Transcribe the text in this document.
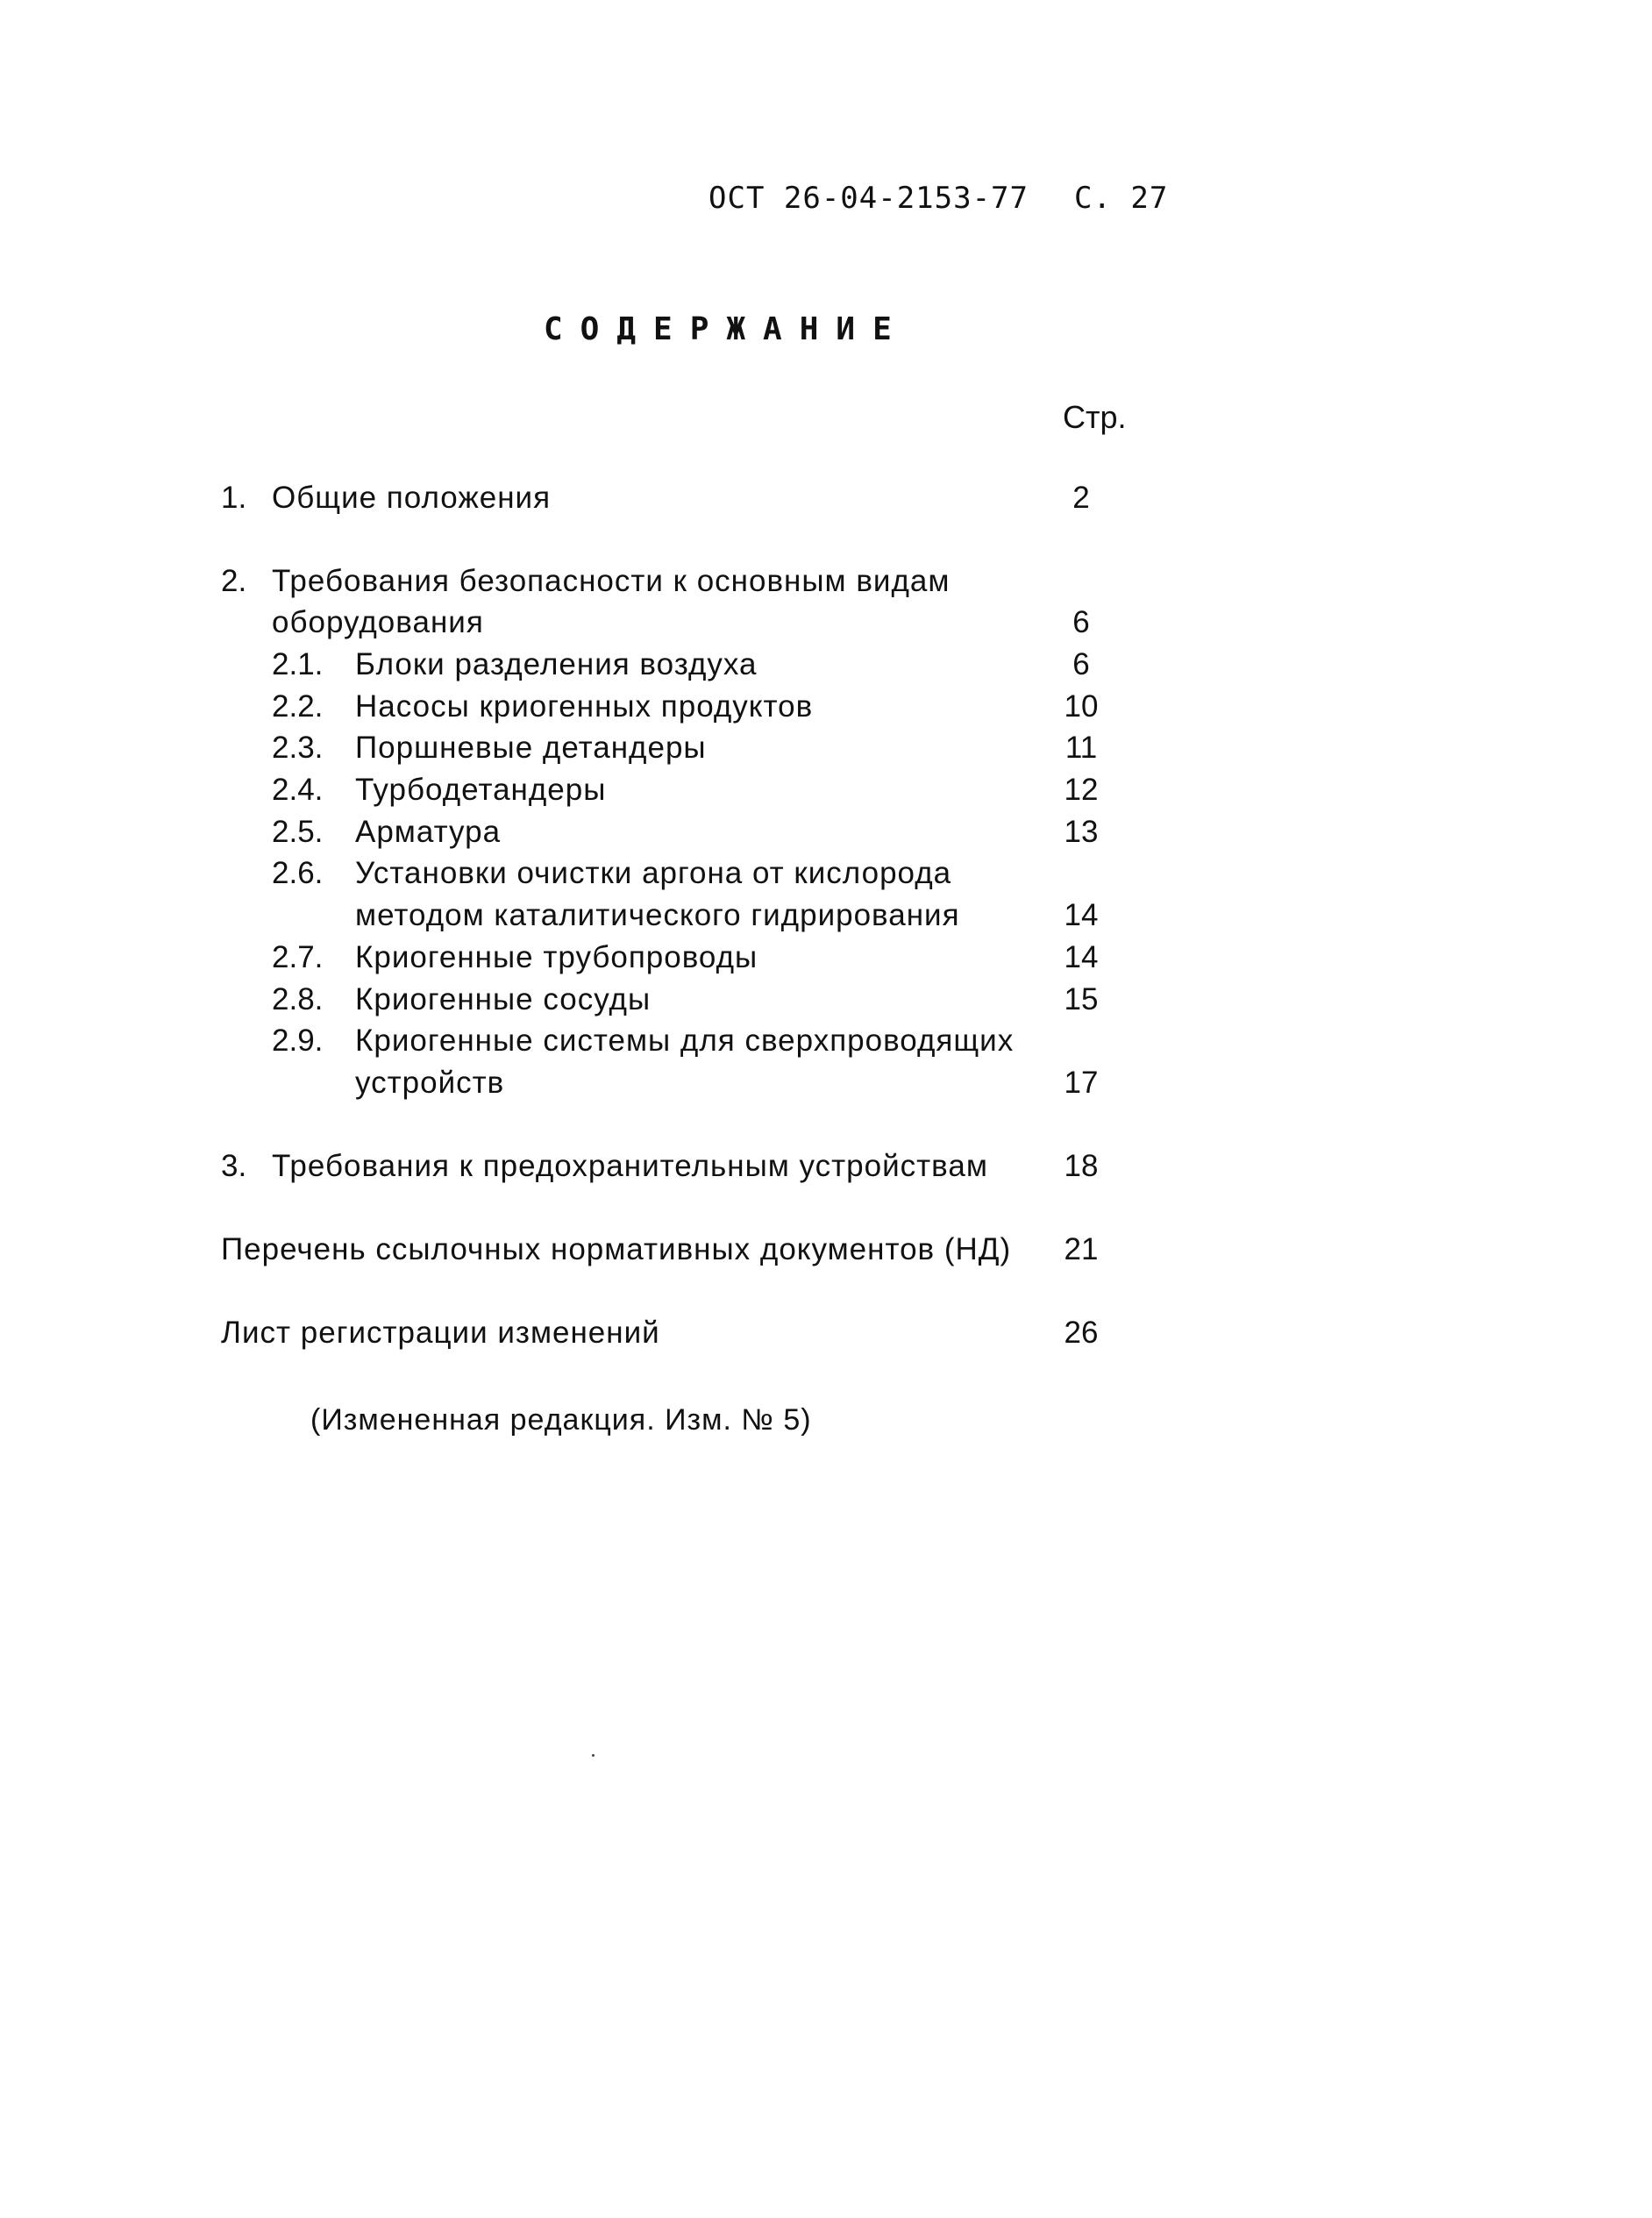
ОСТ 26-04-2153-77 С. 27
СОДЕРЖАНИЕ
Стр.
1. Общие положения	2
2. Требования безопасности к основным видам
оборудования	6
2.1. Блоки разделения воздуха	6
2.2. Насосы криогенных продуктов	10
2.3. Поршневые детандеры	11
2.4. Турбодетандеры	12
2.5. Арматура	13
2.6. Установки очистки аргона от кислорода
методом каталитического гидрирования	14
2.7. Криогенные трубопроводы	14
2.8. Криогенные сосуды	15
2.9. Криогенные системы для сверхпроводящих
устройств	17
3. Требования к предохранительным устройствам	18
Перечень ссылочных нормативных документов (НД)	21
Лист регистрации изменений	26
(Измененная редакция. Изм. № 5)
